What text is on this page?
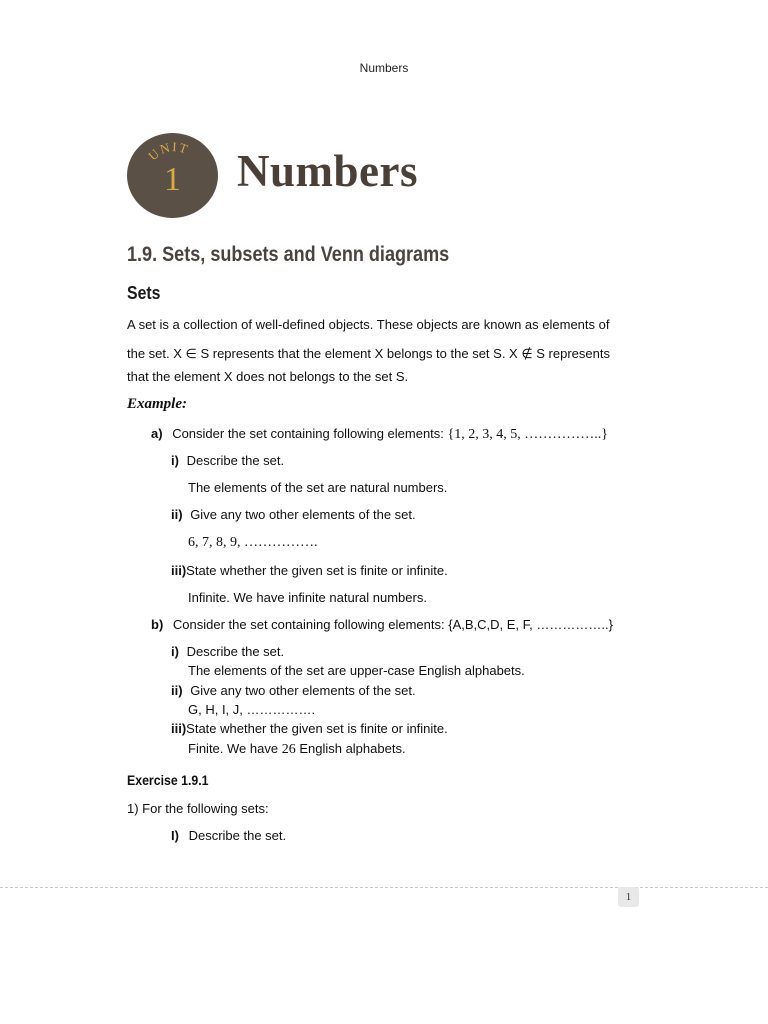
Numbers
UNIT
1	Numbers
1.9. Sets, subsets and Venn diagrams
Sets
A set is a collection of well-defined objects. These objects are known as elements of
the set. X ∈ S represents that the element X belongs to the set S. X ∉ S represents
that the element X does not belongs to the set S.
Example:
a) Consider the set containing following elements: {1, 2, 3, 4, 5, ……………..}
i) Describe the set.
The elements of the set are natural numbers.
ii) Give any two other elements of the set.
6, 7, 8, 9, …………….
iii)State whether the given set is finite or infinite.
Infinite. We have infinite natural numbers.
b) Consider the set containing following elements: {A,B,C,D, E, F, ……………..}
i) Describe the set.
The elements of the set are upper-case English alphabets.
ii) Give any two other elements of the set.
G, H, I, J, …………….
iii)State whether the given set is finite or infinite.
Finite. We have 26 English alphabets.
Exercise 1.9.1
1) For the following sets:
I) Describe the set.
1
